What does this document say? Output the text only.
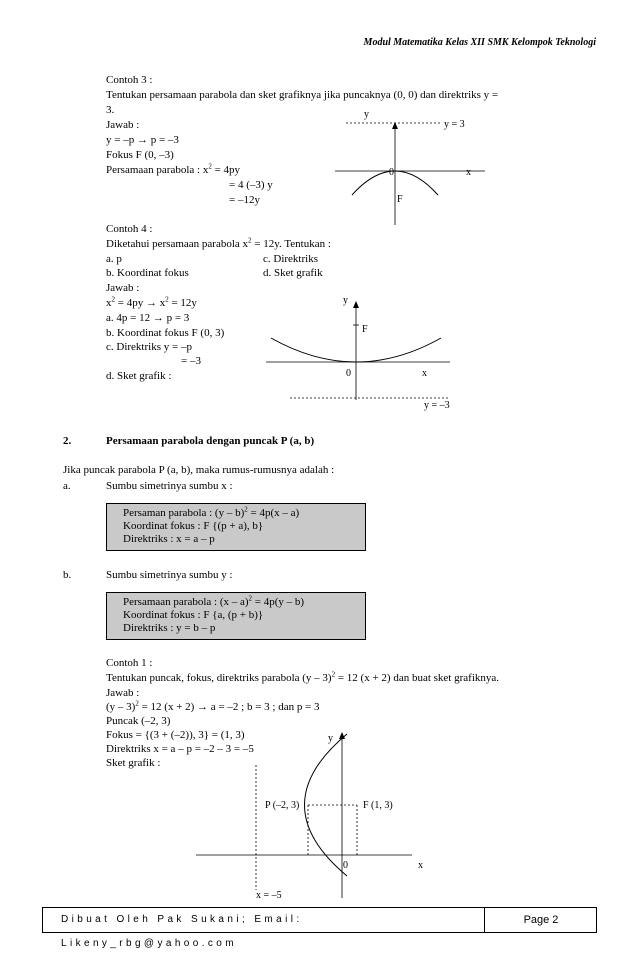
Modul Matematika Kelas XII SMK Kelompok Teknologi
Contoh 3 :
Tentukan persamaan parabola dan sket grafiknya jika puncaknya (0, 0) dan direktriks y =
3.
Jawab :
y = –p → p = –3
Fokus F (0, –3)
Persamaan parabola : $x^2 = 4py$
= 4 (–3) y
= –12y
y
x
0
y = 3
F
Contoh 4 :
Diketahui persamaan parabola $x^2 = 12y$. Tentukan :
a. p	c. Direktriks
b. Koordinat fokus	d. Sket grafik
Jawab :
$x^2 = 4py \to x^2 = 12y$
a. 4p = 12 → p = 3
b. Koordinat fokus F (0, 3)
c. Direktriks y = –p
= –3
d. Sket grafik :
y
x
0
F
y = –3
2.	Persamaan parabola dengan puncak P (a, b)
Jika puncak parabola P (a, b), maka rumus-rumusnya adalah :
a.	Sumbu simetrinya sumbu x :
Persaman parabola : (y – b)$^2$ = 4p(x – a)
Koordinat fokus : F {(p + a), b}
Direktriks : x = a – p
b.	Sumbu simetrinya sumbu y :
Persamaan parabola : (x – a)$^2$ = 4p(y – b)
Koordinat fokus : F {a, (p + b)}
Direktriks : y = b – p
Contoh 1 :
Tentukan puncak, fokus, direktriks parabola (y – 3)$^2$ = 12 (x + 2) dan buat sket grafiknya.
Jawab :
(y – 3)$^2$ = 12 (x + 2) → a = –2 ; b = 3 ; dan p = 3
Puncak (–2, 3)
Fokus = {(3 + (–2)), 3} = (1, 3)
Direktriks x = a – p = –2 – 3 = –5
Sket grafik :
y
x
0
P (–2, 3)	F (1, 3)
x = –5
Dibuat Oleh Pak Sukani; Email: Likeny_rbg@yahoo.com
Page 2
